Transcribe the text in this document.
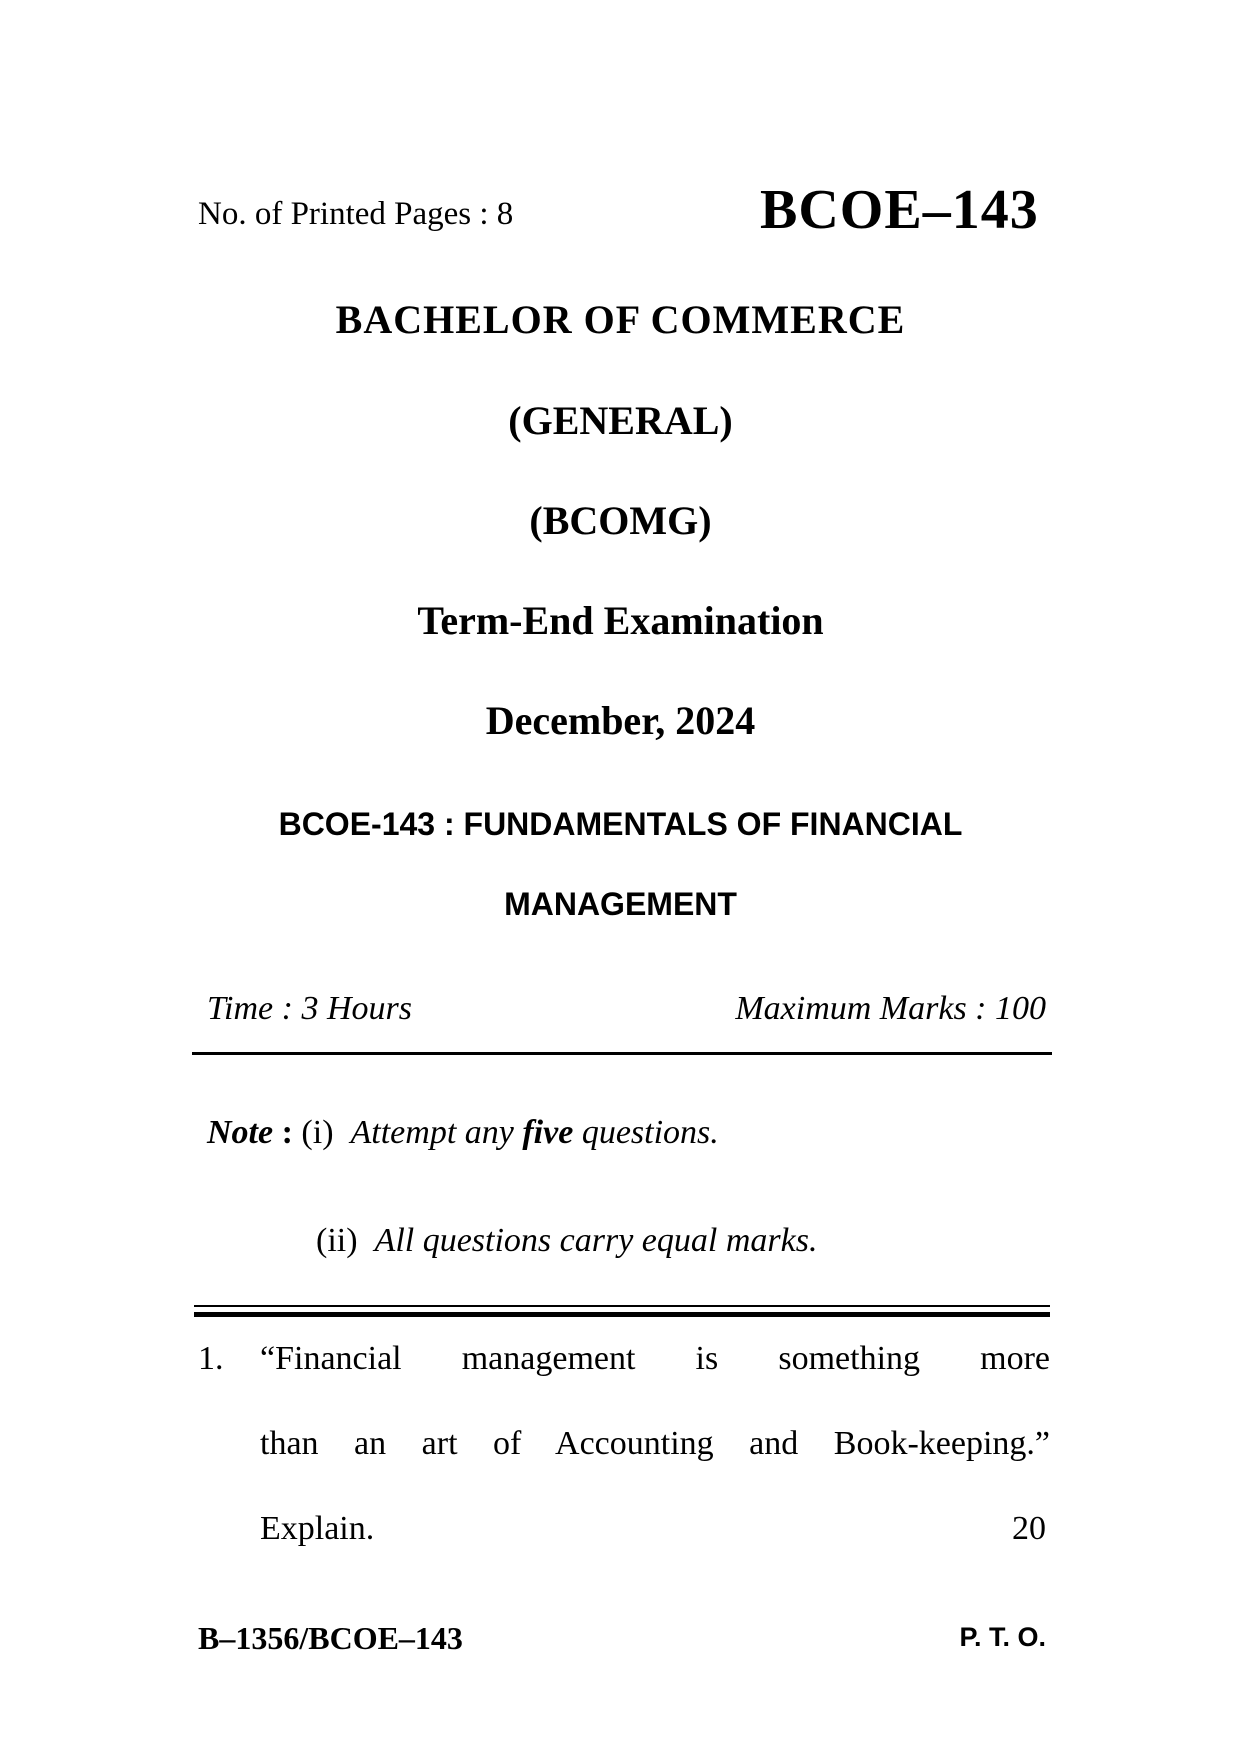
No. of Printed Pages : 8	BCOE–143
BACHELOR OF COMMERCE
(GENERAL)
(BCOMG)
Term-End Examination
December, 2024
BCOE-143 : FUNDAMENTALS OF FINANCIAL
MANAGEMENT
Time : 3 Hours	Maximum Marks : 100
Note : (i) Attempt any five questions.
(ii) All questions carry equal marks.
1. “Financial management is something more
than an art of Accounting and Book-keeping.”
Explain.	20
B–1356/BCOE–143	P. T. O.
